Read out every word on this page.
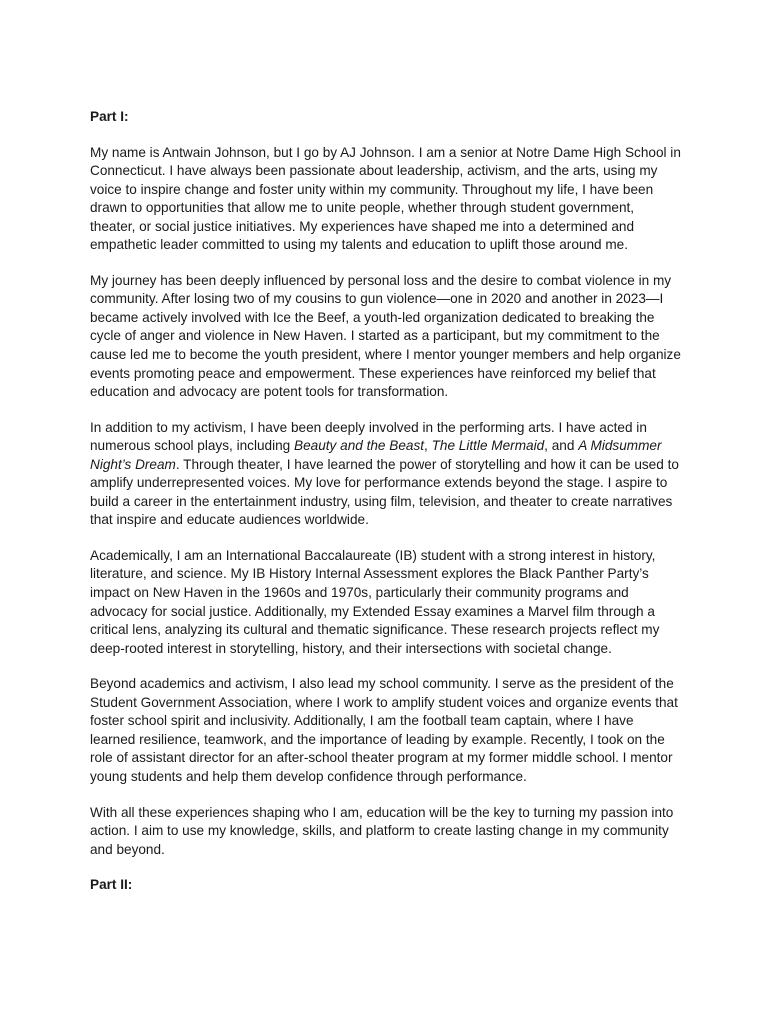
Part I:

My name is Antwain Johnson, but I go by AJ Johnson. I am a senior at Notre Dame High School in Connecticut. I have always been passionate about leadership, activism, and the arts, using my voice to inspire change and foster unity within my community. Throughout my life, I have been drawn to opportunities that allow me to unite people, whether through student government, theater, or social justice initiatives. My experiences have shaped me into a determined and empathetic leader committed to using my talents and education to uplift those around me.

My journey has been deeply influenced by personal loss and the desire to combat violence in my community. After losing two of my cousins to gun violence—one in 2020 and another in 2023—I became actively involved with Ice the Beef, a youth-led organization dedicated to breaking the cycle of anger and violence in New Haven. I started as a participant, but my commitment to the cause led me to become the youth president, where I mentor younger members and help organize events promoting peace and empowerment. These experiences have reinforced my belief that education and advocacy are potent tools for transformation.

In addition to my activism, I have been deeply involved in the performing arts. I have acted in numerous school plays, including Beauty and the Beast, The Little Mermaid, and A Midsummer Night’s Dream. Through theater, I have learned the power of storytelling and how it can be used to amplify underrepresented voices. My love for performance extends beyond the stage. I aspire to build a career in the entertainment industry, using film, television, and theater to create narratives that inspire and educate audiences worldwide.

Academically, I am an International Baccalaureate (IB) student with a strong interest in history, literature, and science. My IB History Internal Assessment explores the Black Panther Party’s impact on New Haven in the 1960s and 1970s, particularly their community programs and advocacy for social justice. Additionally, my Extended Essay examines a Marvel film through a critical lens, analyzing its cultural and thematic significance. These research projects reflect my deep-rooted interest in storytelling, history, and their intersections with societal change.

Beyond academics and activism, I also lead my school community. I serve as the president of the Student Government Association, where I work to amplify student voices and organize events that foster school spirit and inclusivity. Additionally, I am the football team captain, where I have learned resilience, teamwork, and the importance of leading by example. Recently, I took on the role of assistant director for an after-school theater program at my former middle school. I mentor young students and help them develop confidence through performance.

With all these experiences shaping who I am, education will be the key to turning my passion into action. I aim to use my knowledge, skills, and platform to create lasting change in my community and beyond.

Part II:
